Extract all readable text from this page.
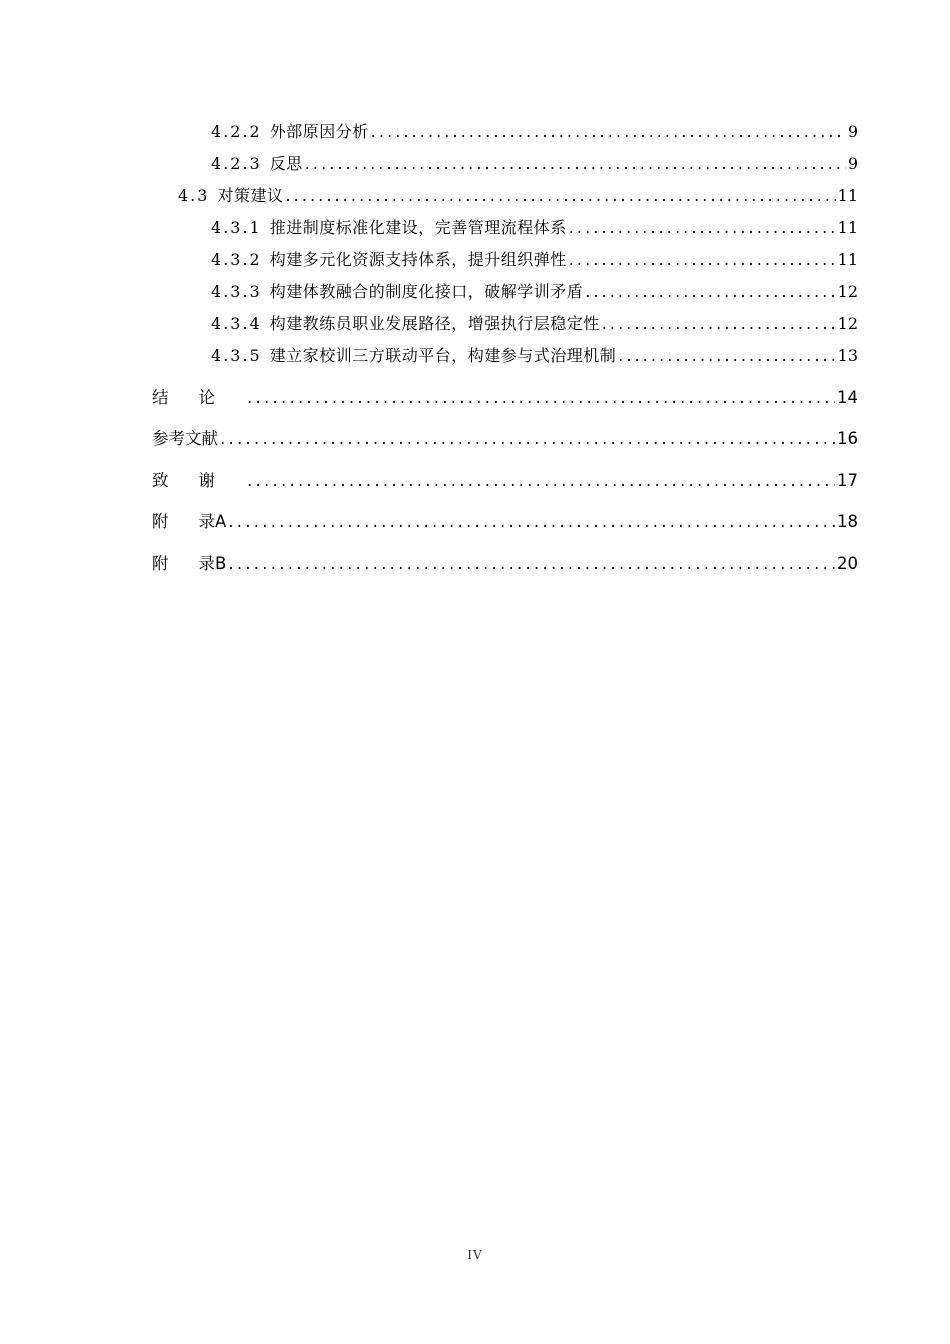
4.2.2 外部原因分析 . . .	9
4.2.3 反思 . . .	9
4.3 对策建议 . . .	11
4.3.1 推进制度标准化建设，完善管理流程体系 . . .	11
4.3.2 构建多元化资源支持体系，提升组织弹性 . . .	11
4.3.3 构建体教融合的制度化接口，破解学训矛盾 . . .	12
4.3.4 构建教练员职业发展路径，增强执行层稳定性 . . .	12
4.3.5 建立家校训三方联动平台，构建参与式治理机制 . . .	13
结论 . . .	14
参考文献 . . .	16
致谢 . . .	17
附录A . . .	18
附录B . . .	20
IV
